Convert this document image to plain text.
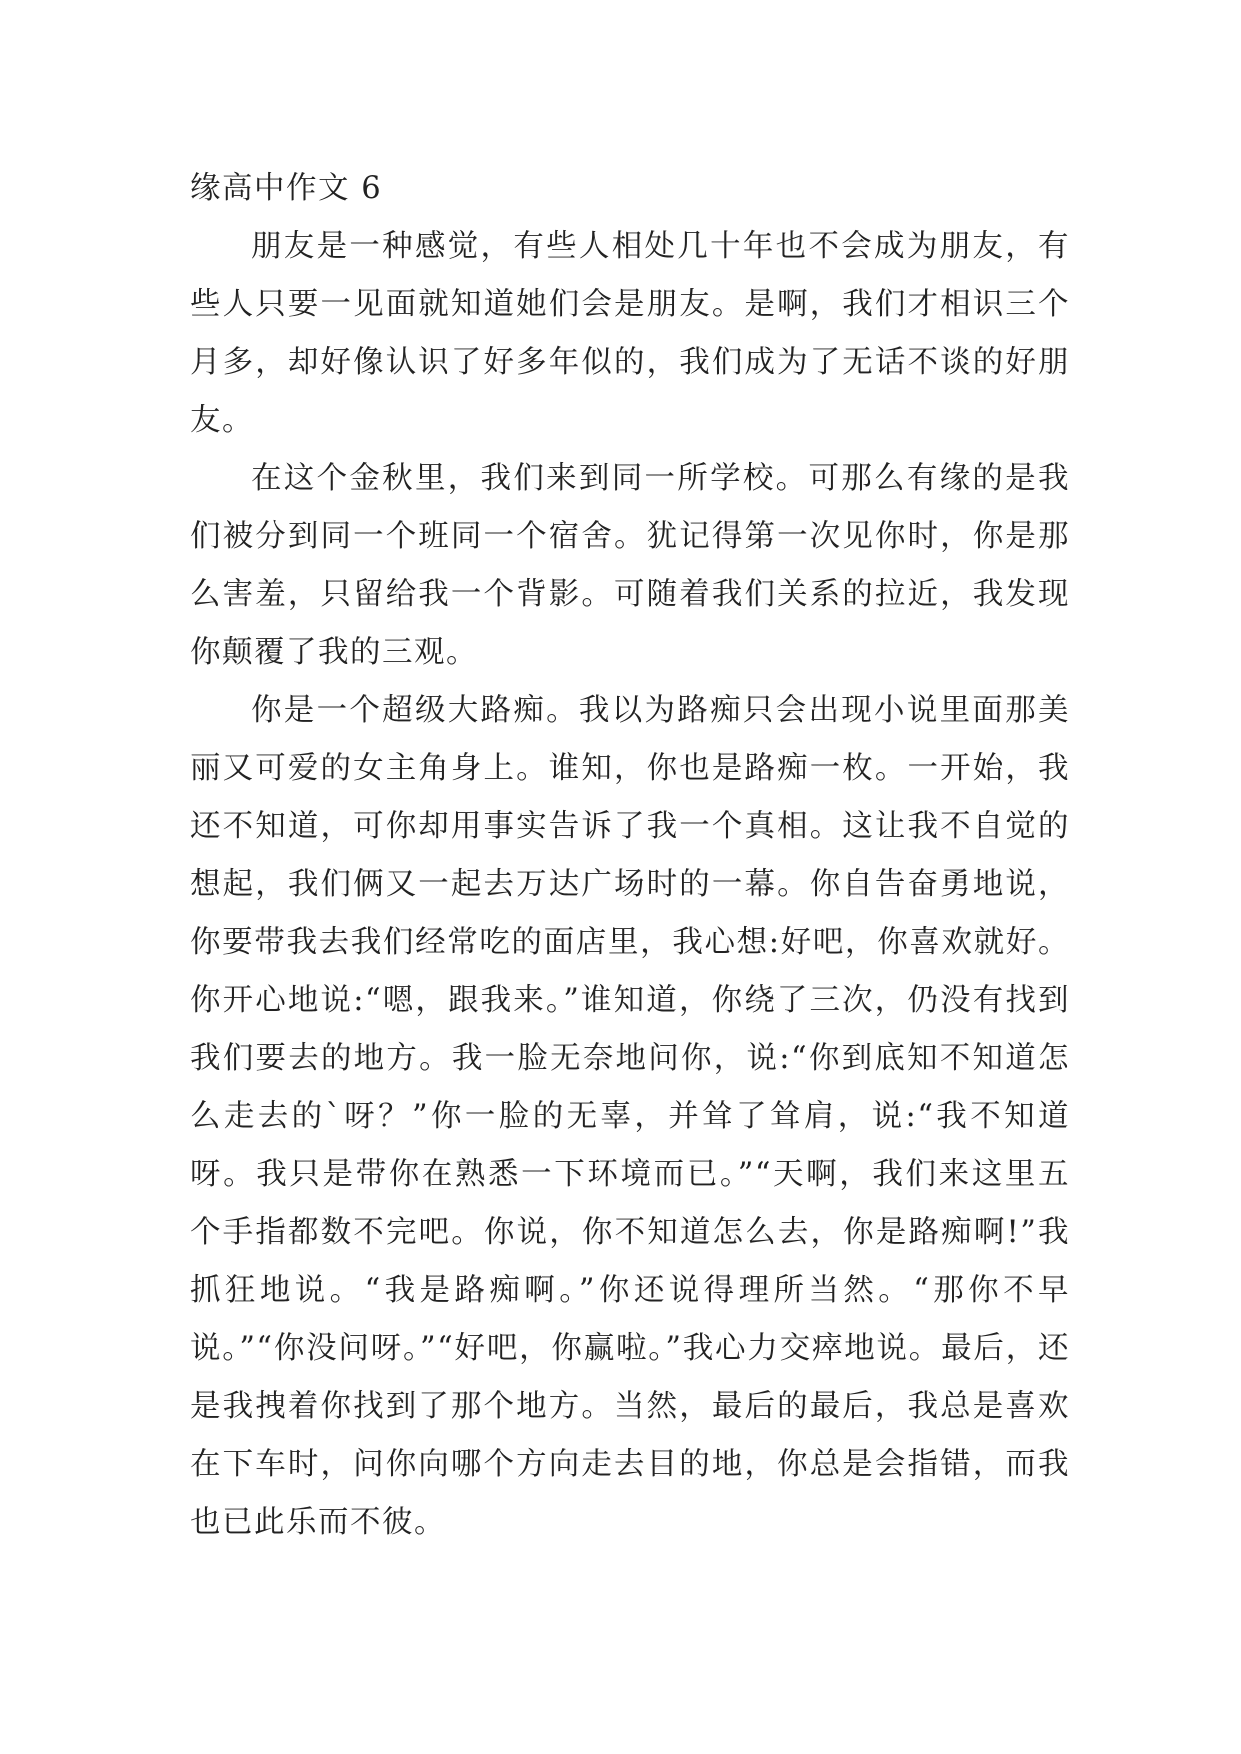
缘高中作文 6

朋友是一种感觉，有些人相处几十年也不会成为朋友，有些人只要一见面就知道她们会是朋友。是啊，我们才相识三个月多，却好像认识了好多年似的，我们成为了无话不谈的好朋友。

在这个金秋里，我们来到同一所学校。可那么有缘的是我们被分到同一个班同一个宿舍。犹记得第一次见你时，你是那么害羞，只留给我一个背影。可随着我们关系的拉近，我发现你颠覆了我的三观。

你是一个超级大路痴。我以为路痴只会出现小说里面那美丽又可爱的女主角身上。谁知，你也是路痴一枚。一开始，我还不知道，可你却用事实告诉了我一个真相。这让我不自觉的想起，我们俩又一起去万达广场时的一幕。你自告奋勇地说，你要带我去我们经常吃的面店里，我心想:好吧，你喜欢就好。你开心地说:“嗯，跟我来。”谁知道，你绕了三次，仍没有找到我们要去的地方。我一脸无奈地问你，说:“你到底知不知道怎么走去的`呀？”你一脸的无辜，并耸了耸肩，说:“我不知道呀。我只是带你在熟悉一下环境而已。”“天啊，我们来这里五个手指都数不完吧。你说，你不知道怎么去，你是路痴啊!”我抓狂地说。“我是路痴啊。”你还说得理所当然。“那你不早说。”“你没问呀。”“好吧，你赢啦。”我心力交瘁地说。最后，还是我拽着你找到了那个地方。当然，最后的最后，我总是喜欢在下车时，问你向哪个方向走去目的地，你总是会指错，而我也已此乐而不彼。
